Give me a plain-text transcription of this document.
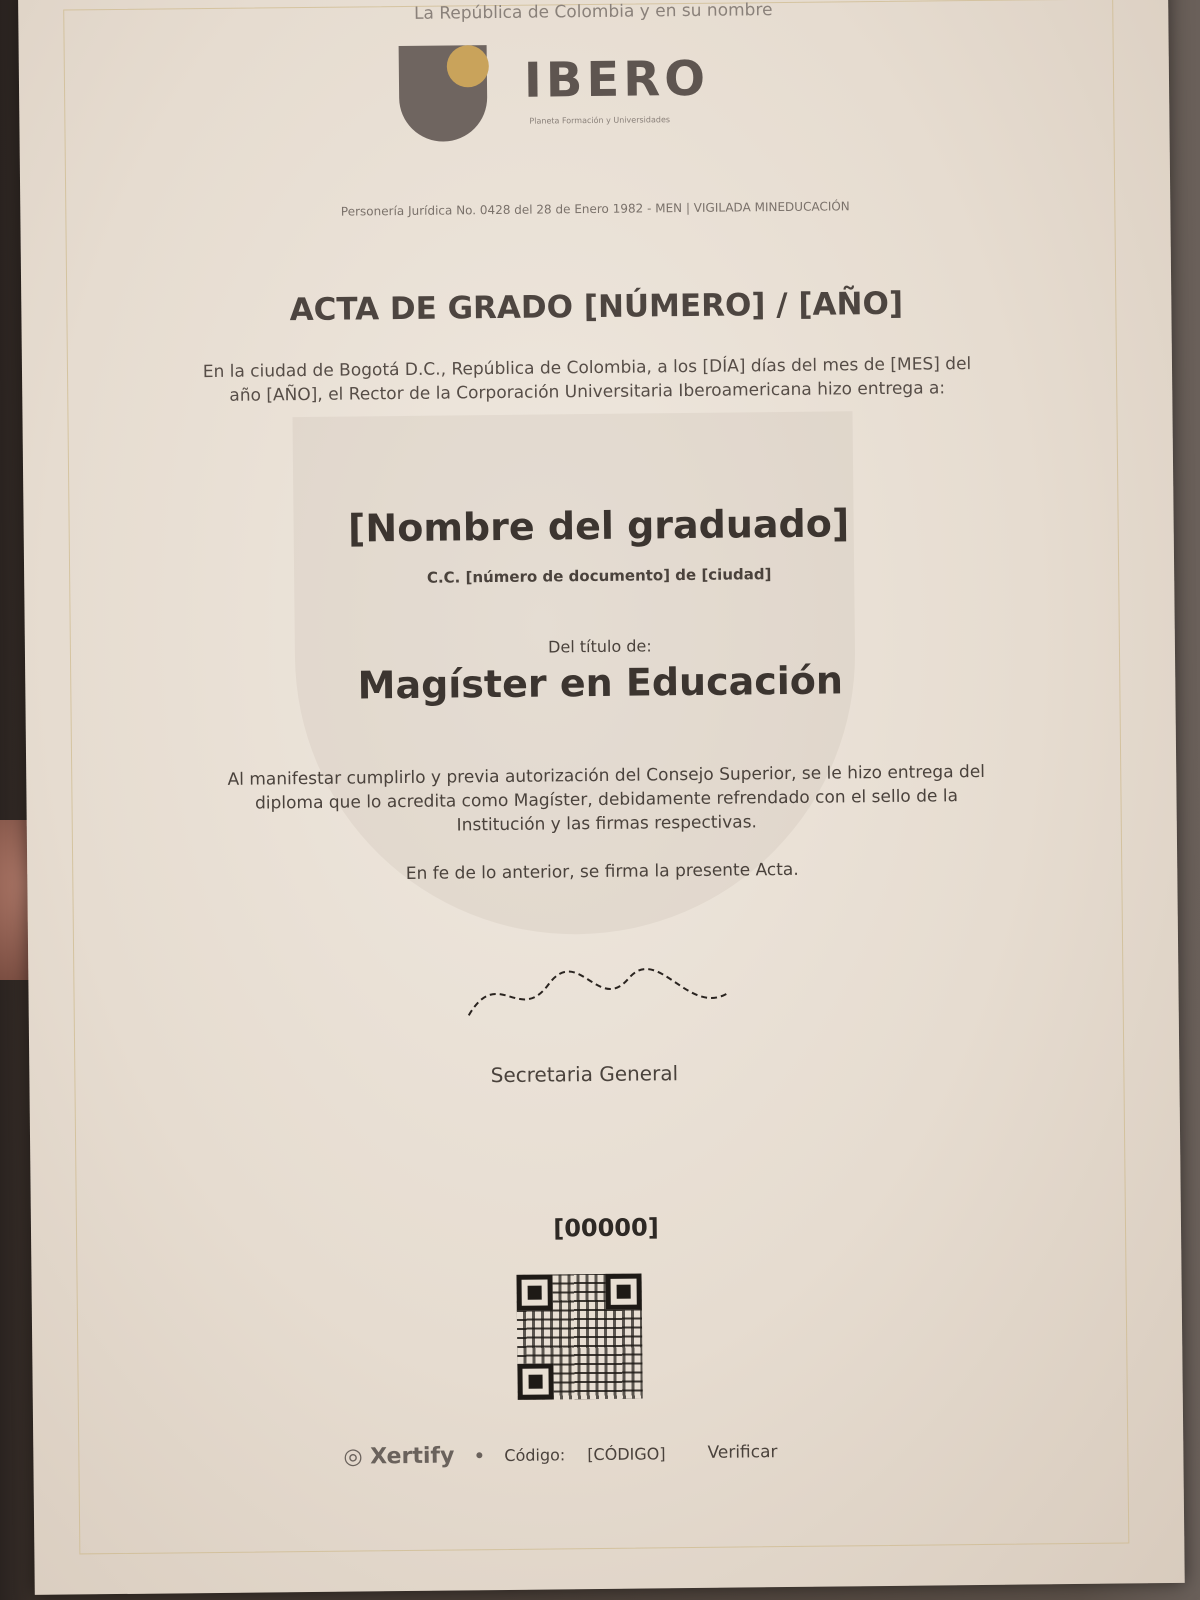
La República de Colombia y en su nombre
IBERO
Planeta Formación y Universidades
Personería Jurídica No. 0428 del 28 de Enero 1982 - MEN | VIGILADA MINEDUCACIÓN
ACTA DE GRADO [NÚMERO] / [AÑO]
En la ciudad de Bogotá D.C., República de Colombia, a los [DÍA] días del mes de [MES] del año [AÑO], el Rector de la Corporación Universitaria Iberoamericana hizo entrega a:
[Nombre del graduado]
C.C. [número de documento] de [ciudad]
Del título de:
Magíster en Educación
Al manifestar cumplirlo y previa autorización del Consejo Superior, se le hizo entrega del diploma que lo acredita como Magíster, debidamente refrendado con el sello de la Institución y las firmas respectivas.
En fe de lo anterior, se firma la presente Acta.
Secretaria General
[00000]
◎ Xertify	Código: [CÓDIGO] Verificar
